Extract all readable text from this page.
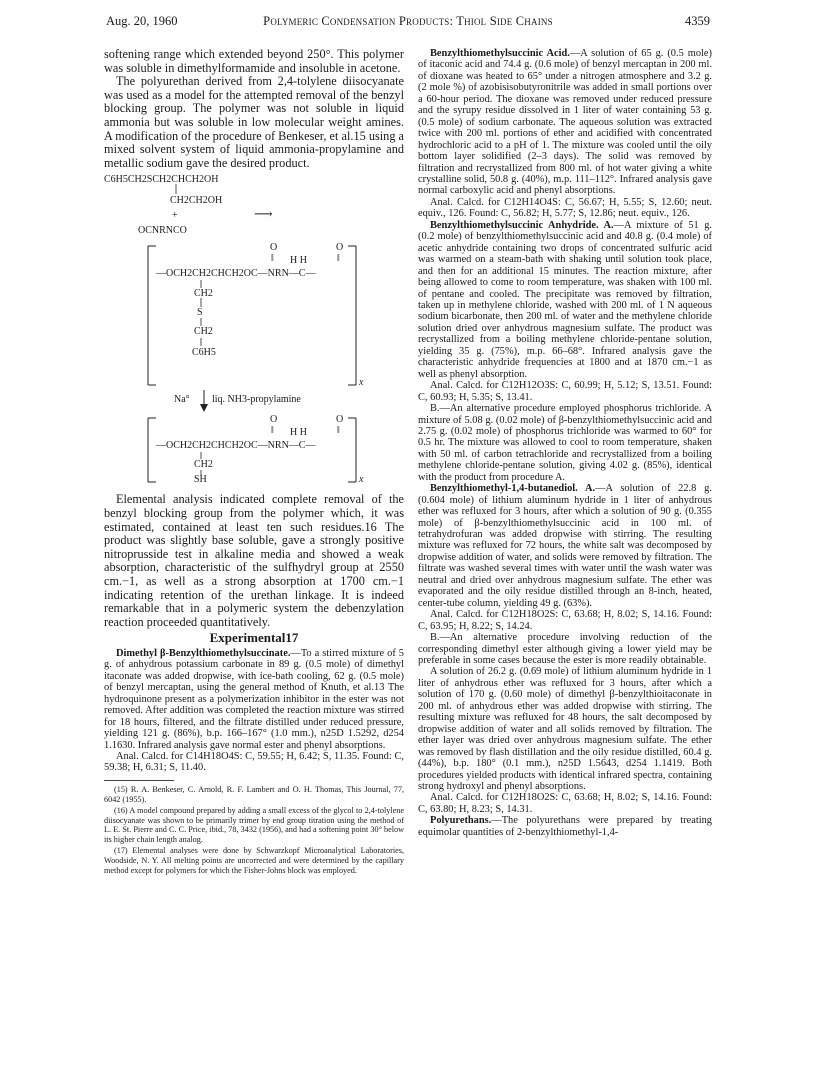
Aug. 20, 1960	Polymeric Condensation Products: Thiol Side Chains	4359

softening range which extended beyond 250°. This polymer was soluble in dimethylformamide and insoluble in acetone.

The polyurethan derived from 2,4-tolylene diisocyanate was used as a model for the attempted removal of the benzyl blocking group. The polymer was not soluble in liquid ammonia but was soluble in low molecular weight amines. A modification of the procedure of Benkeser, et al.15 using a mixed solvent system of liquid ammonia-propylamine and metallic sodium gave the desired product.

C6H5CH2SCH2CHCH2OH
CH2CH2OH
+	⟶
OCNRNCO
O	O
‖	‖
H H
—OCH2CH2CHCH2OC—NRN—C—
CH2
S
CH2
C6H5
x
Na° liq. NH3-propylamine
O	O
‖	‖
H H
—OCH2CH2CHCH2OC—NRN—C—
CH2
SH	x

Elemental analysis indicated complete removal of the benzyl blocking group from the polymer which, it was estimated, contained at least ten such residues.16 The product was slightly base soluble, gave a strongly positive nitroprusside test in alkaline media and showed a weak absorption, characteristic of the sulfhydryl group at 2550 cm.−1, as well as a strong absorption at 1700 cm.−1 indicating retention of the urethan linkage. It is indeed remarkable that in a polymeric system the debenzylation reaction proceeded quantitatively.

Experimental17

Dimethyl β-Benzylthiomethylsuccinate.—To a stirred mixture of 5 g. of anhydrous potassium carbonate in 89 g. (0.5 mole) of dimethyl itaconate was added dropwise, with ice-bath cooling, 62 g. (0.5 mole) of benzyl mercaptan, using the general method of Knuth, et al.13 The hydroquinone present as a polymerization inhibitor in the ester was not removed. After addition was completed the reaction mixture was stirred for 18 hours, filtered, and the filtrate distilled under reduced pressure, yielding 121 g. (86%), b.p. 166–167° (1.0 mm.), n25D 1.5292, d254 1.1630. Infrared analysis gave normal ester and phenyl absorptions.

Anal. Calcd. for C14H18O4S: C, 59.55; H, 6.42; S, 11.35. Found: C, 59.38; H, 6.31; S, 11.40.

(15) R. A. Benkeser, C. Arnold, R. F. Lambert and O. H. Thomas, This Journal, 77, 6042 (1955).

(16) A model compound prepared by adding a small excess of the glycol to 2,4-tolylene diisocyanate was shown to be primarily trimer by end group titration using the method of L. E. St. Pierre and C. C. Price, ibid., 78, 3432 (1956), and had a softening point 30° below its higher chain length analog.

(17) Elemental analyses were done by Schwarzkopf Microanalytical Laboratories, Woodside, N. Y. All melting points are uncorrected and were determined by the capillary method except for polymers for which the Fisher-Johns block was employed.

Benzylthiomethylsuccinic Acid.—A solution of 65 g. (0.5 mole) of itaconic acid and 74.4 g. (0.6 mole) of benzyl mercaptan in 200 ml. of dioxane was heated to 65° under a nitrogen atmosphere and 3.2 g. (2 mole %) of azobisisobutyronitrile was added in small portions over a 60-hour period. The dioxane was removed under reduced pressure and the syrupy residue dissolved in 1 liter of water containing 53 g. (0.5 mole) of sodium carbonate. The aqueous solution was extracted twice with 200 ml. portions of ether and acidified with concentrated hydrochloric acid to a pH of 1. The mixture was cooled until the oily bottom layer solidified (2–3 days). The solid was removed by filtration and recrystallized from 800 ml. of hot water giving a white crystalline solid, 50.8 g. (40%), m.p. 111–112°. Infrared analysis gave normal carboxylic acid and phenyl absorptions.

Anal. Calcd. for C12H14O4S: C, 56.67; H, 5.55; S, 12.60; neut. equiv., 126. Found: C, 56.82; H, 5.77; S, 12.86; neut. equiv., 126.

Benzylthiomethylsuccinic Anhydride. A.—A mixture of 51 g. (0.2 mole) of benzylthiomethylsuccinic acid and 40.8 g. (0.4 mole) of acetic anhydride containing two drops of concentrated sulfuric acid was warmed on a steam-bath with shaking until solution took place, and then for an additional 15 minutes. The reaction mixture, after being allowed to come to room temperature, was shaken with 100 ml. of pentane and cooled. The precipitate was removed by filtration, taken up in methylene chloride, washed with 200 ml. of 1 N aqueous sodium bicarbonate, then 200 ml. of water and the methylene chloride solution dried over anhydrous magnesium sulfate. The product was recrystallized from a boiling methylene chloride-pentane solution, yielding 35 g. (75%), m.p. 66–68°. Infrared analysis gave the characteristic anhydride frequencies at 1800 and at 1870 cm.−1 as well as phenyl absorption.

Anal. Calcd. for C12H12O3S: C, 60.99; H, 5.12; S, 13.51. Found: C, 60.93; H, 5.35; S, 13.41.

B.—An alternative procedure employed phosphorus trichloride. A mixture of 5.08 g. (0.02 mole) of β-benzylthiomethylsuccinic acid and 2.75 g. (0.02 mole) of phosphorus trichloride was warmed to 60° for 0.5 hr. The mixture was allowed to cool to room temperature, shaken with 50 ml. of carbon tetrachloride and recrystallized from a boiling methylene chloride-pentane solution, giving 4.02 g. (85%), identical with the product from procedure A.

Benzylthiomethyl-1,4-butanediol. A.—A solution of 22.8 g. (0.604 mole) of lithium aluminum hydride in 1 liter of anhydrous ether was refluxed for 3 hours, after which a solution of 90 g. (0.355 mole) of β-benzylthiomethylsuccinic acid in 100 ml. of tetrahydrofuran was added dropwise with stirring. The resulting mixture was refluxed for 72 hours, the white salt was decomposed by dropwise addition of water, and solids were removed by filtration. The filtrate was washed several times with water until the wash water was neutral and dried over anhydrous magnesium sulfate. The ether was evaporated and the oily residue distilled through an 8-inch, heated, center-tube column, yielding 49 g. (63%).

Anal. Calcd. for C12H18O2S: C, 63.68; H, 8.02; S, 14.16. Found: C, 63.95; H, 8.22; S, 14.24.

B.—An alternative procedure involving reduction of the corresponding dimethyl ester although giving a lower yield may be preferable in some cases because the ester is more readily obtainable.

A solution of 26.2 g. (0.69 mole) of lithium aluminum hydride in 1 liter of anhydrous ether was refluxed for 3 hours, after which a solution of 170 g. (0.60 mole) of dimethyl β-benzylthioitaconate in 200 ml. of anhydrous ether was added dropwise with stirring. The resulting mixture was refluxed for 48 hours, the salt decomposed by dropwise addition of water and all solids removed by filtration. The ether layer was dried over anhydrous magnesium sulfate. The ether was removed by flash distillation and the oily residue distilled, 60.4 g. (44%), b.p. 180° (0.1 mm.), n25D 1.5643, d254 1.1419. Both procedures yielded products with identical infrared spectra, containing strong hydroxyl and phenyl absorptions.

Anal. Calcd. for C12H18O2S: C, 63.68; H, 8.02; S, 14.16. Found: C, 63.80; H, 8.23; S, 14.31.

Polyurethans.—The polyurethans were prepared by treating equimolar quantities of 2-benzylthiomethyl-1,4-
